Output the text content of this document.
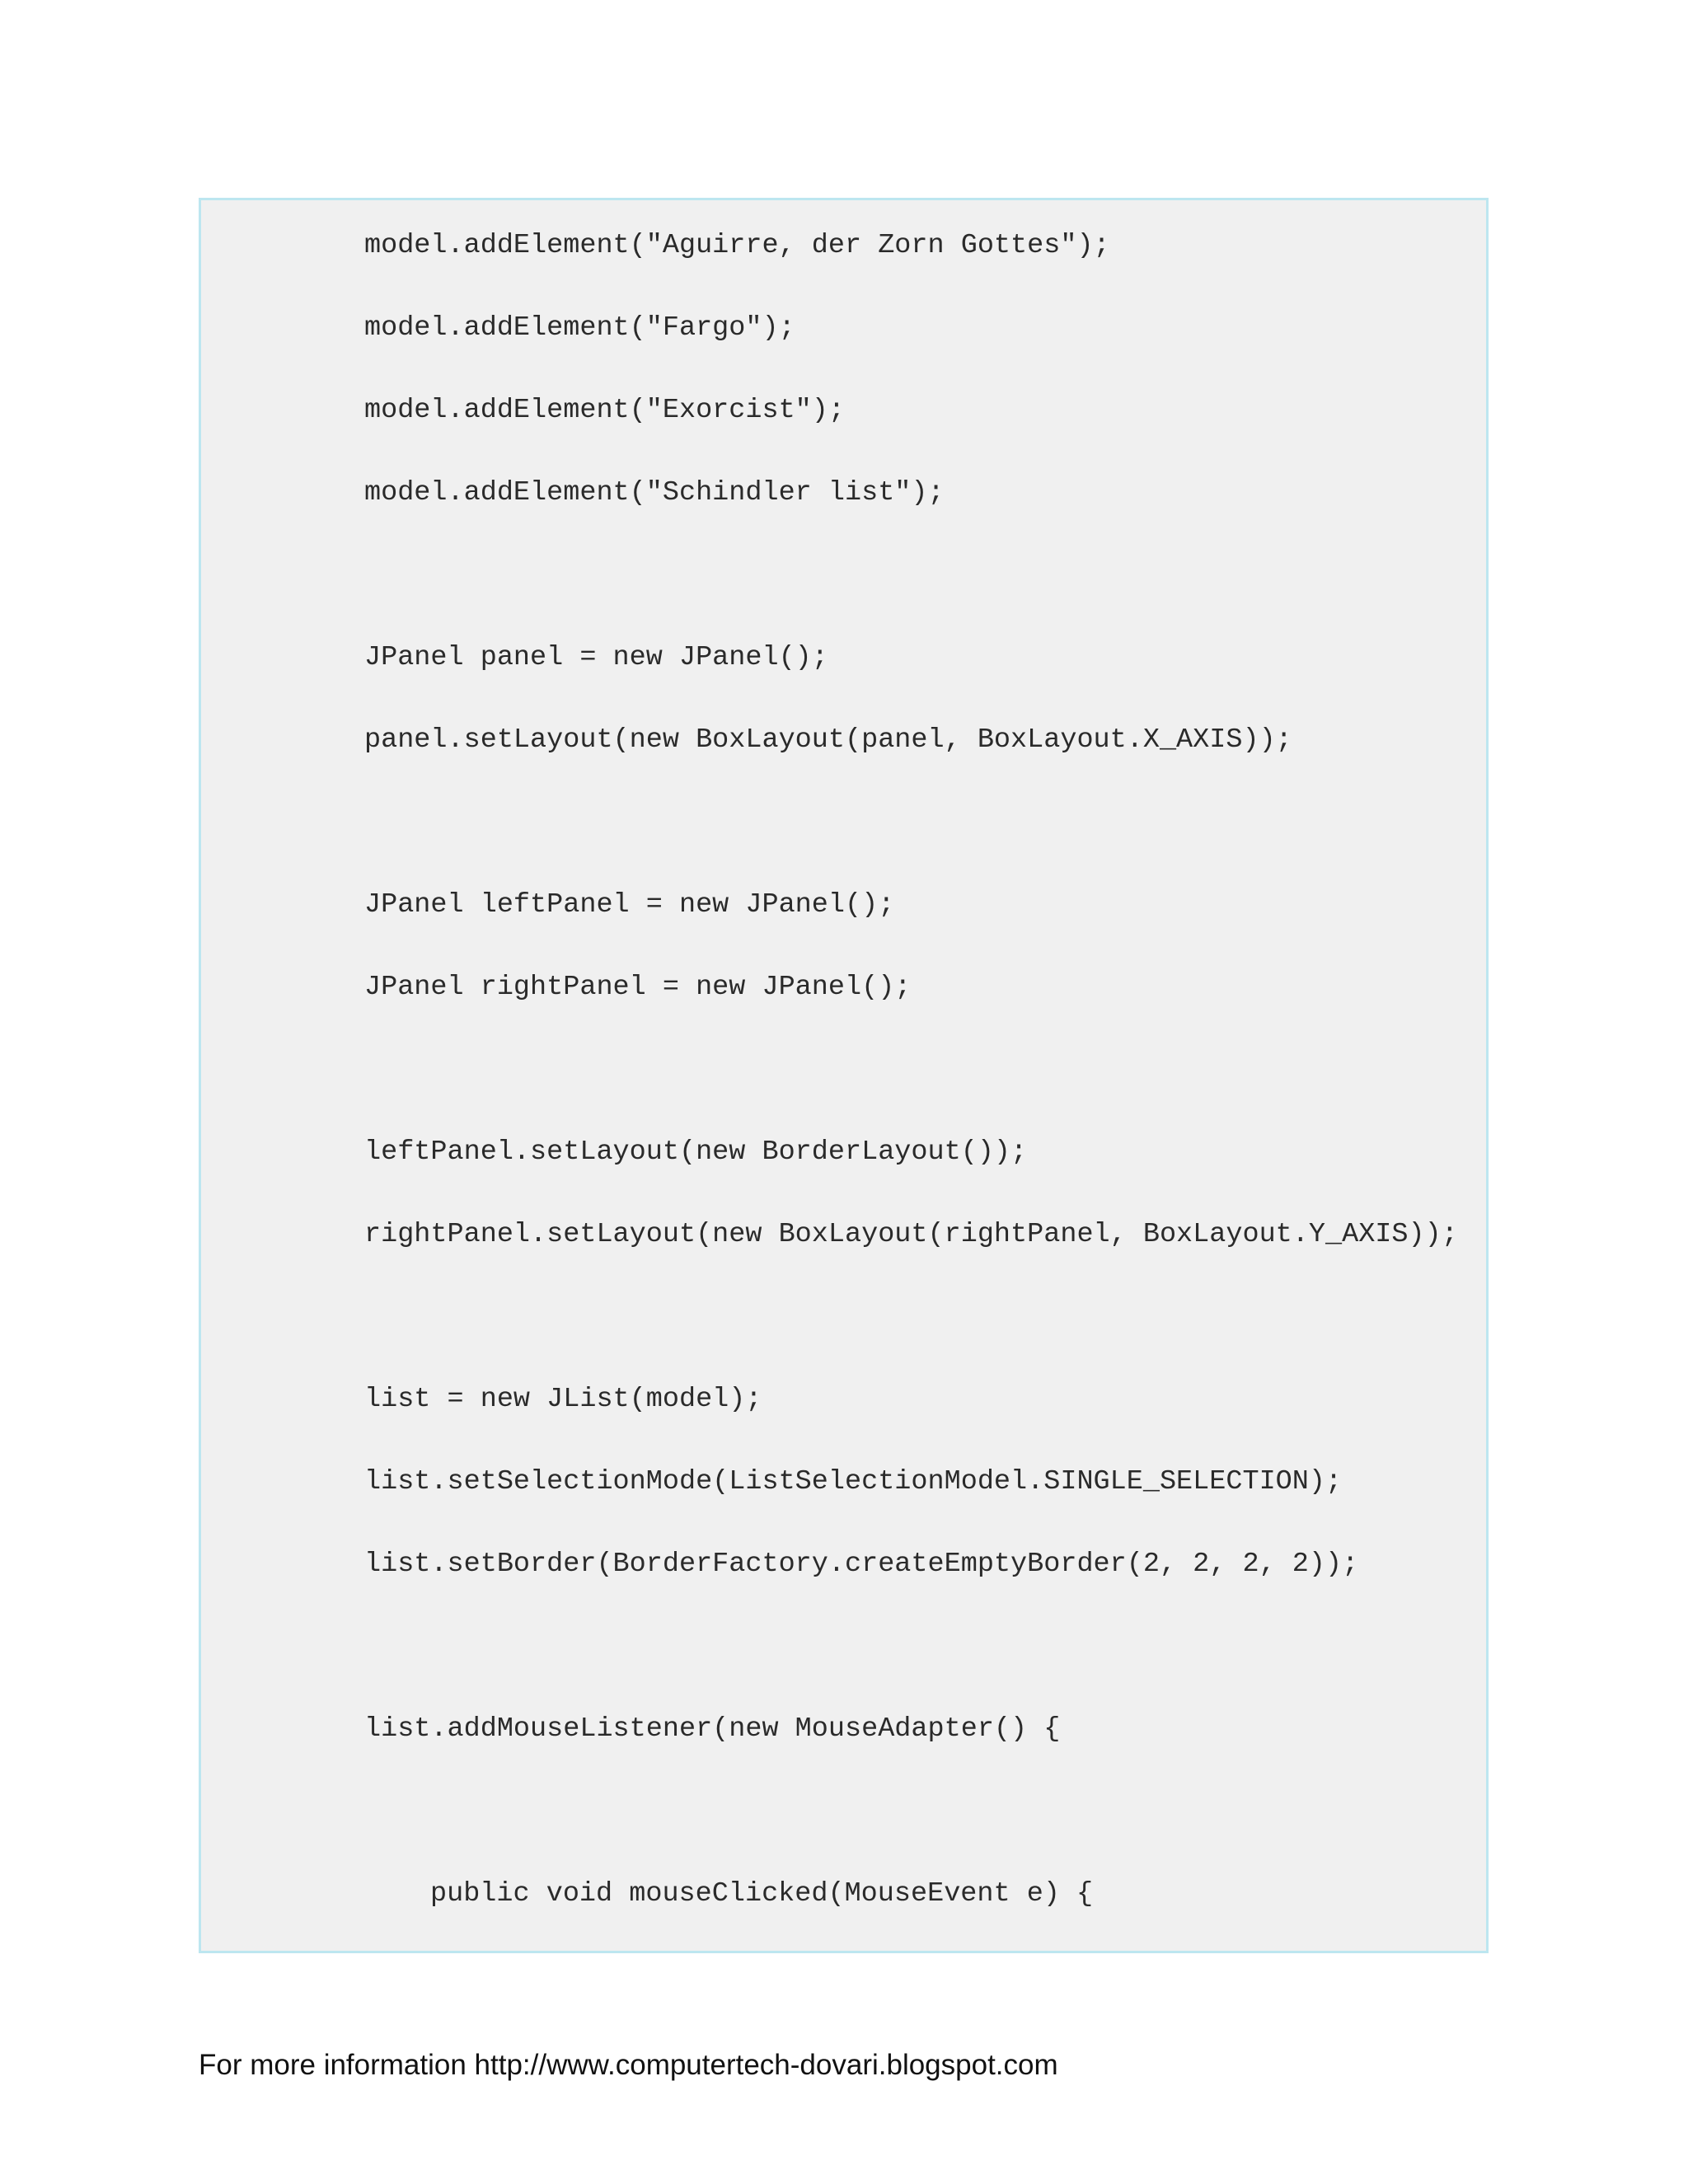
model.addElement("Aguirre, der Zorn Gottes");
model.addElement("Fargo");
model.addElement("Exorcist");
model.addElement("Schindler list");
JPanel panel = new JPanel();
panel.setLayout(new BoxLayout(panel, BoxLayout.X_AXIS));
JPanel leftPanel = new JPanel();
JPanel rightPanel = new JPanel();
leftPanel.setLayout(new BorderLayout());
rightPanel.setLayout(new BoxLayout(rightPanel, BoxLayout.Y_AXIS));
list = new JList(model);
list.setSelectionMode(ListSelectionModel.SINGLE_SELECTION);
list.setBorder(BorderFactory.createEmptyBorder(2, 2, 2, 2));
list.addMouseListener(new MouseAdapter() {
public void mouseClicked(MouseEvent e) {
For more information http://www.computertech-dovari.blogspot.com
